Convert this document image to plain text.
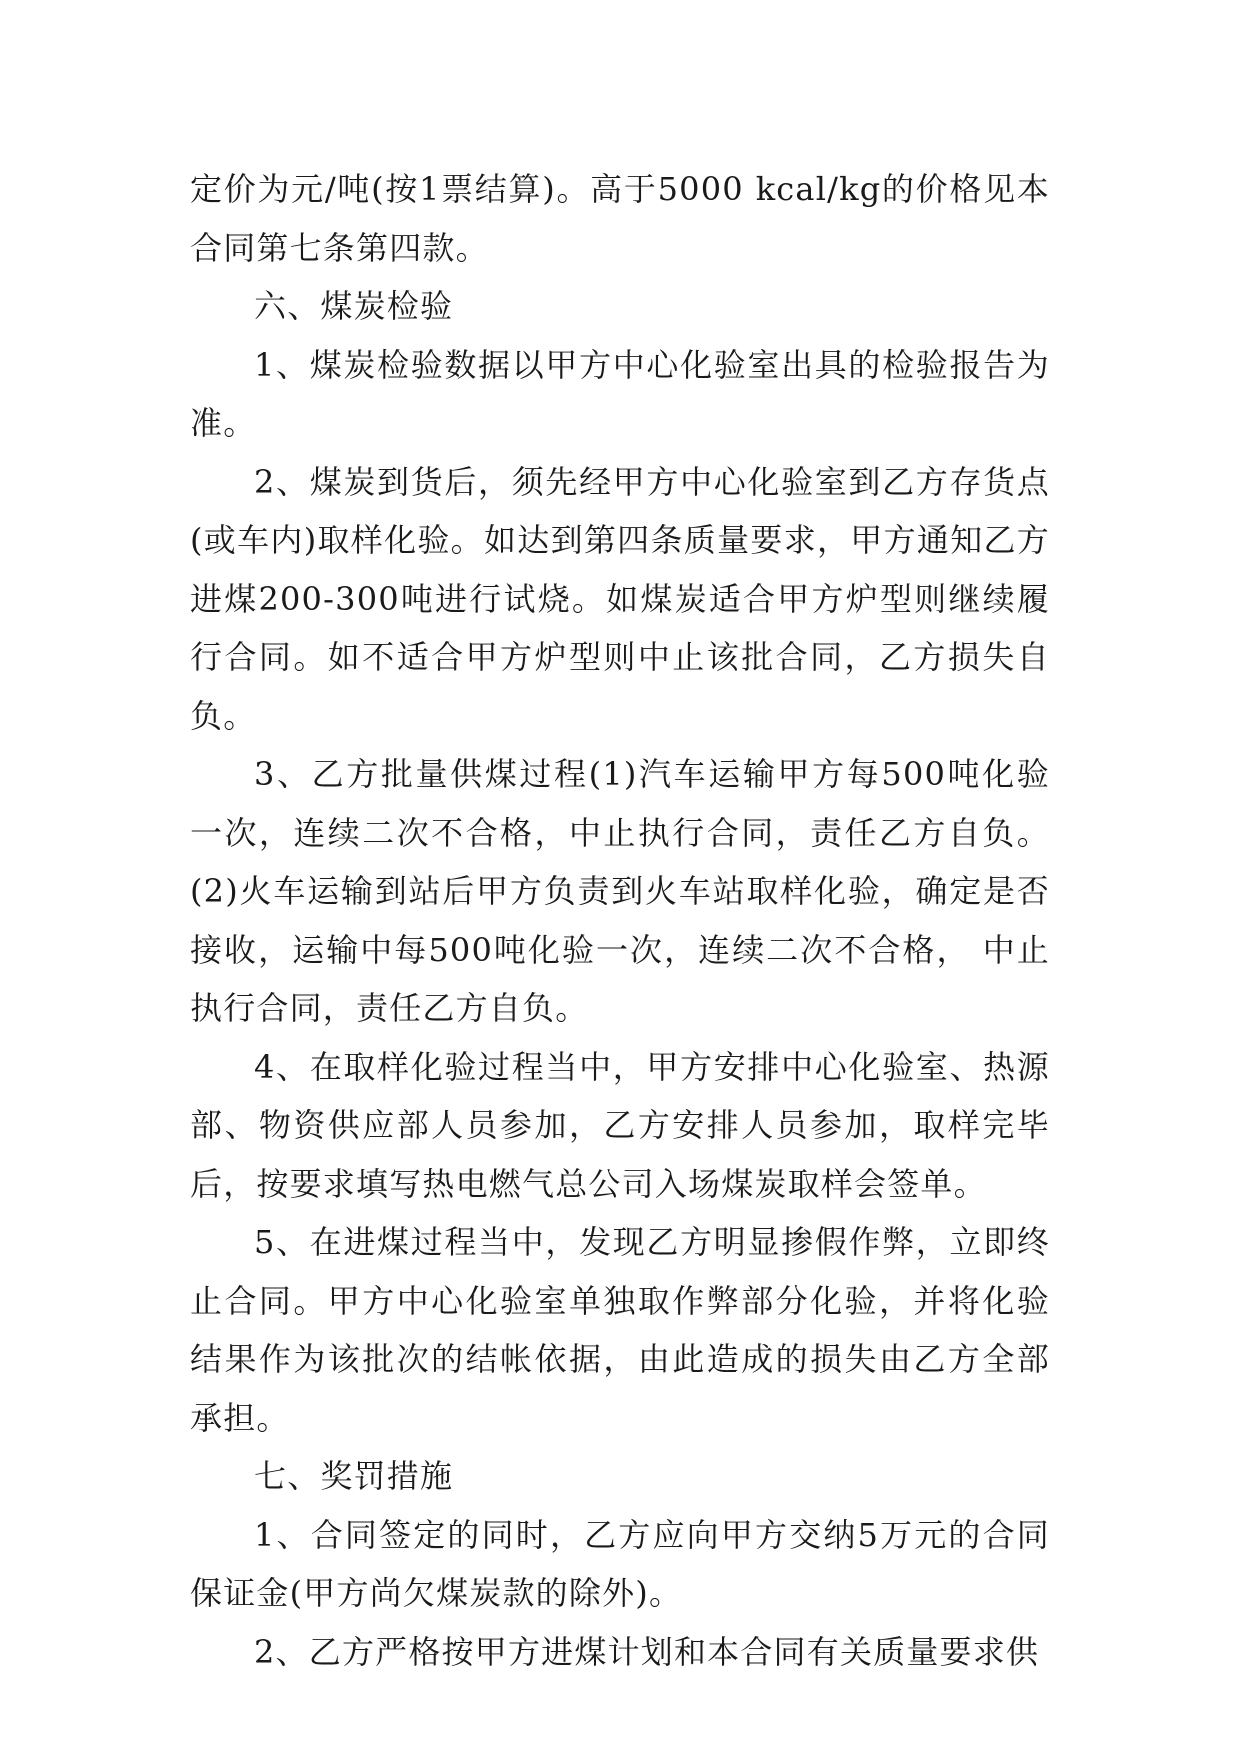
定价为元/吨(按1票结算)。高于5000 kcal/kg的价格见本合同第七条第四款。

六、煤炭检验

1、煤炭检验数据以甲方中心化验室出具的检验报告为准。

2、煤炭到货后，须先经甲方中心化验室到乙方存货点(或车内)取样化验。如达到第四条质量要求，甲方通知乙方进煤200-300吨进行试烧。如煤炭适合甲方炉型则继续履行合同。如不适合甲方炉型则中止该批合同，乙方损失自负。

3、乙方批量供煤过程(1)汽车运输甲方每500吨化验一次，连续二次不合格，中止执行合同，责任乙方自负。(2)火车运输到站后甲方负责到火车站取样化验，确定是否接收，运输中每500吨化验一次，连续二次不合格， 中止执行合同，责任乙方自负。

4、在取样化验过程当中，甲方安排中心化验室、热源部、物资供应部人员参加，乙方安排人员参加，取样完毕后，按要求填写热电燃气总公司入场煤炭取样会签单。

5、在进煤过程当中，发现乙方明显掺假作弊，立即终止合同。甲方中心化验室单独取作弊部分化验，并将化验结果作为该批次的结帐依据，由此造成的损失由乙方全部承担。

七、奖罚措施

1、合同签定的同时，乙方应向甲方交纳5万元的合同保证金(甲方尚欠煤炭款的除外)。

2、乙方严格按甲方进煤计划和本合同有关质量要求供
